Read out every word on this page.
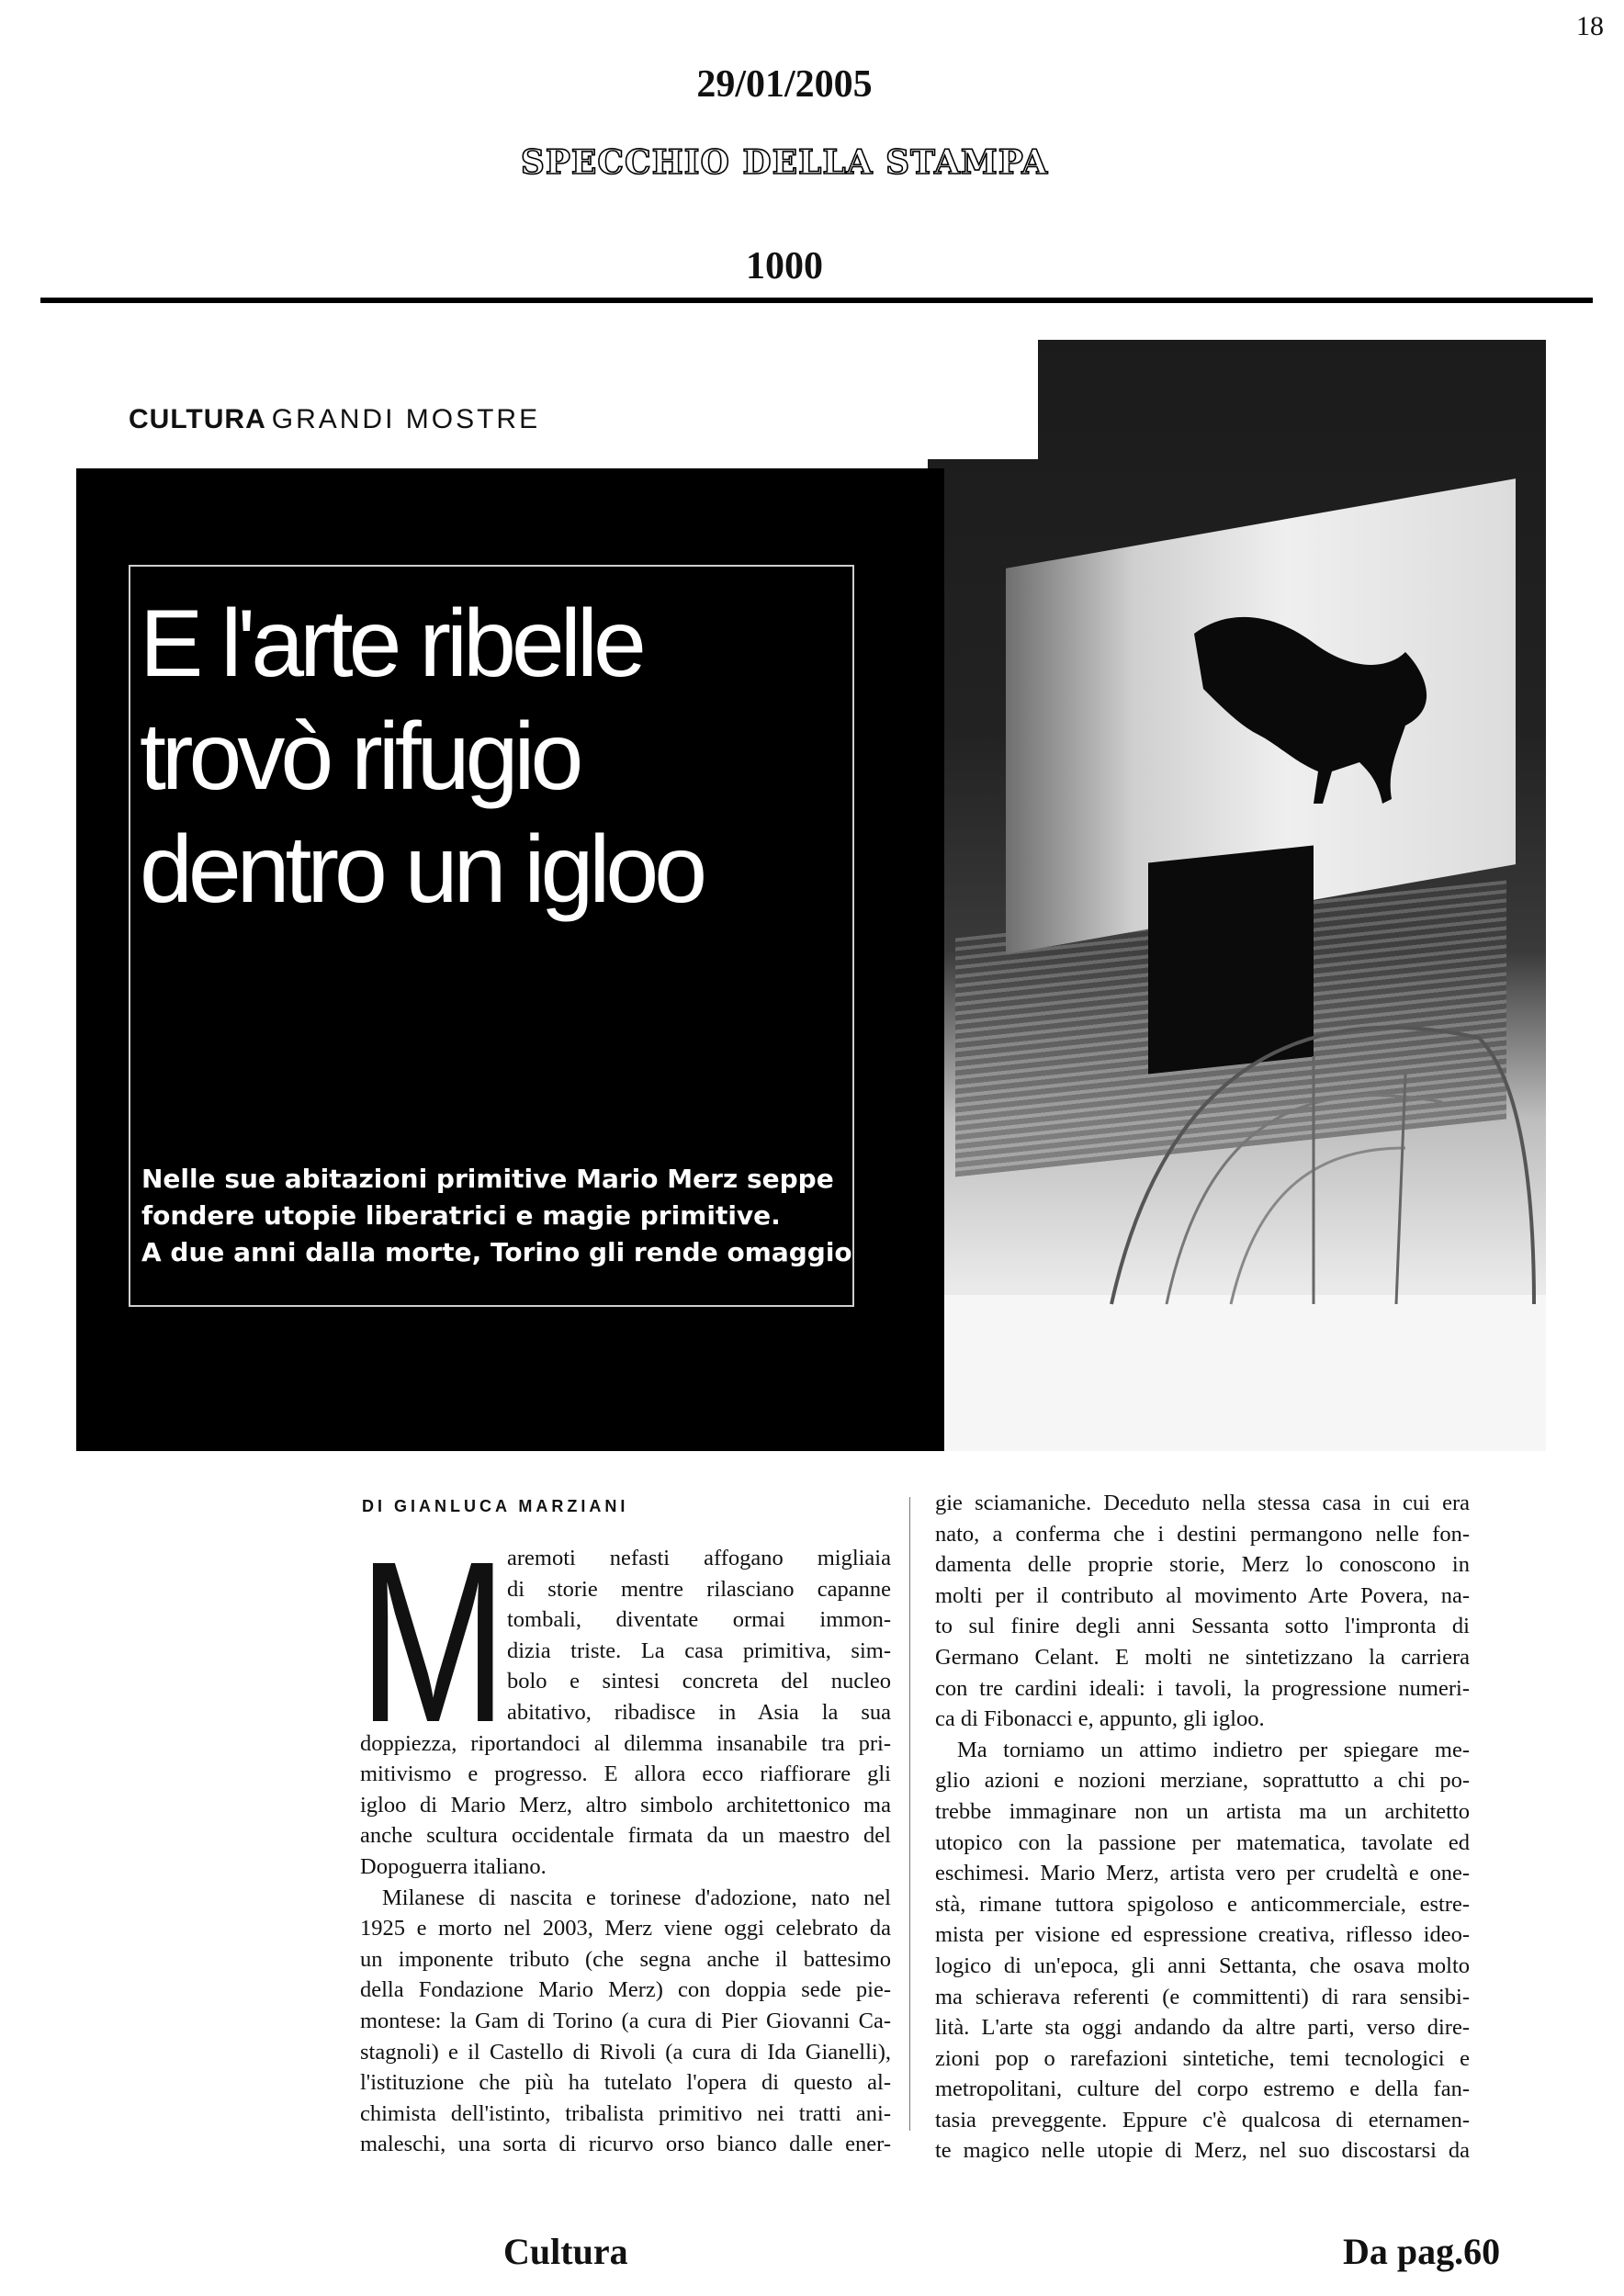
18
29/01/2005
SPECCHIO DELLA STAMPA
1000
CULTURA GRANDI MOSTRE
E l'arte ribelle
trovò rifugio
dentro un igloo
Nelle sue abitazioni primitive Mario Merz seppe
fondere utopie liberatrici e magie primitive.
A due anni dalla morte, Torino gli rende omaggio
DI GIANLUCA MARZIANI
M aremoti nefasti affogano migliaia
di storie mentre rilasciano capanne
tombali, diventate ormai immon-
dizia triste. La casa primitiva, sim-
bolo e sintesi concreta del nucleo
abitativo, ribadisce in Asia la sua
doppiezza, riportandoci al dilemma insanabile tra pri-
mitivismo e progresso. E allora ecco riaffiorare gli
igloo di Mario Merz, altro simbolo architettonico ma
anche scultura occidentale firmata da un maestro del
Dopoguerra italiano.
Milanese di nascita e torinese d'adozione, nato nel
1925 e morto nel 2003, Merz viene oggi celebrato da
un imponente tributo (che segna anche il battesimo
della Fondazione Mario Merz) con doppia sede pie-
montese: la Gam di Torino (a cura di Pier Giovanni Ca-
stagnoli) e il Castello di Rivoli (a cura di Ida Gianelli),
l'istituzione che più ha tutelato l'opera di questo al-
chimista dell'istinto, tribalista primitivo nei tratti ani-
maleschi, una sorta di ricurvo orso bianco dalle ener-
gie sciamaniche. Deceduto nella stessa casa in cui era
nato, a conferma che i destini permangono nelle fon-
damenta delle proprie storie, Merz lo conoscono in
molti per il contributo al movimento Arte Povera, na-
to sul finire degli anni Sessanta sotto l'impronta di
Germano Celant. E molti ne sintetizzano la carriera
con tre cardini ideali: i tavoli, la progressione numeri-
ca di Fibonacci e, appunto, gli igloo.
Ma torniamo un attimo indietro per spiegare me-
glio azioni e nozioni merziane, soprattutto a chi po-
trebbe immaginare non un artista ma un architetto
utopico con la passione per matematica, tavolate ed
eschimesi. Mario Merz, artista vero per crudeltà e one-
stà, rimane tuttora spigoloso e anticommerciale, estre-
mista per visione ed espressione creativa, riflesso ideo-
logico di un'epoca, gli anni Settanta, che osava molto
ma schierava referenti (e committenti) di rara sensibi-
lità. L'arte sta oggi andando da altre parti, verso dire-
zioni pop o rarefazioni sintetiche, temi tecnologici e
metropolitani, culture del corpo estremo e della fan-
tasia preveggente. Eppure c'è qualcosa di eternamen-
te magico nelle utopie di Merz, nel suo discostarsi da
Cultura	Da pag.60
